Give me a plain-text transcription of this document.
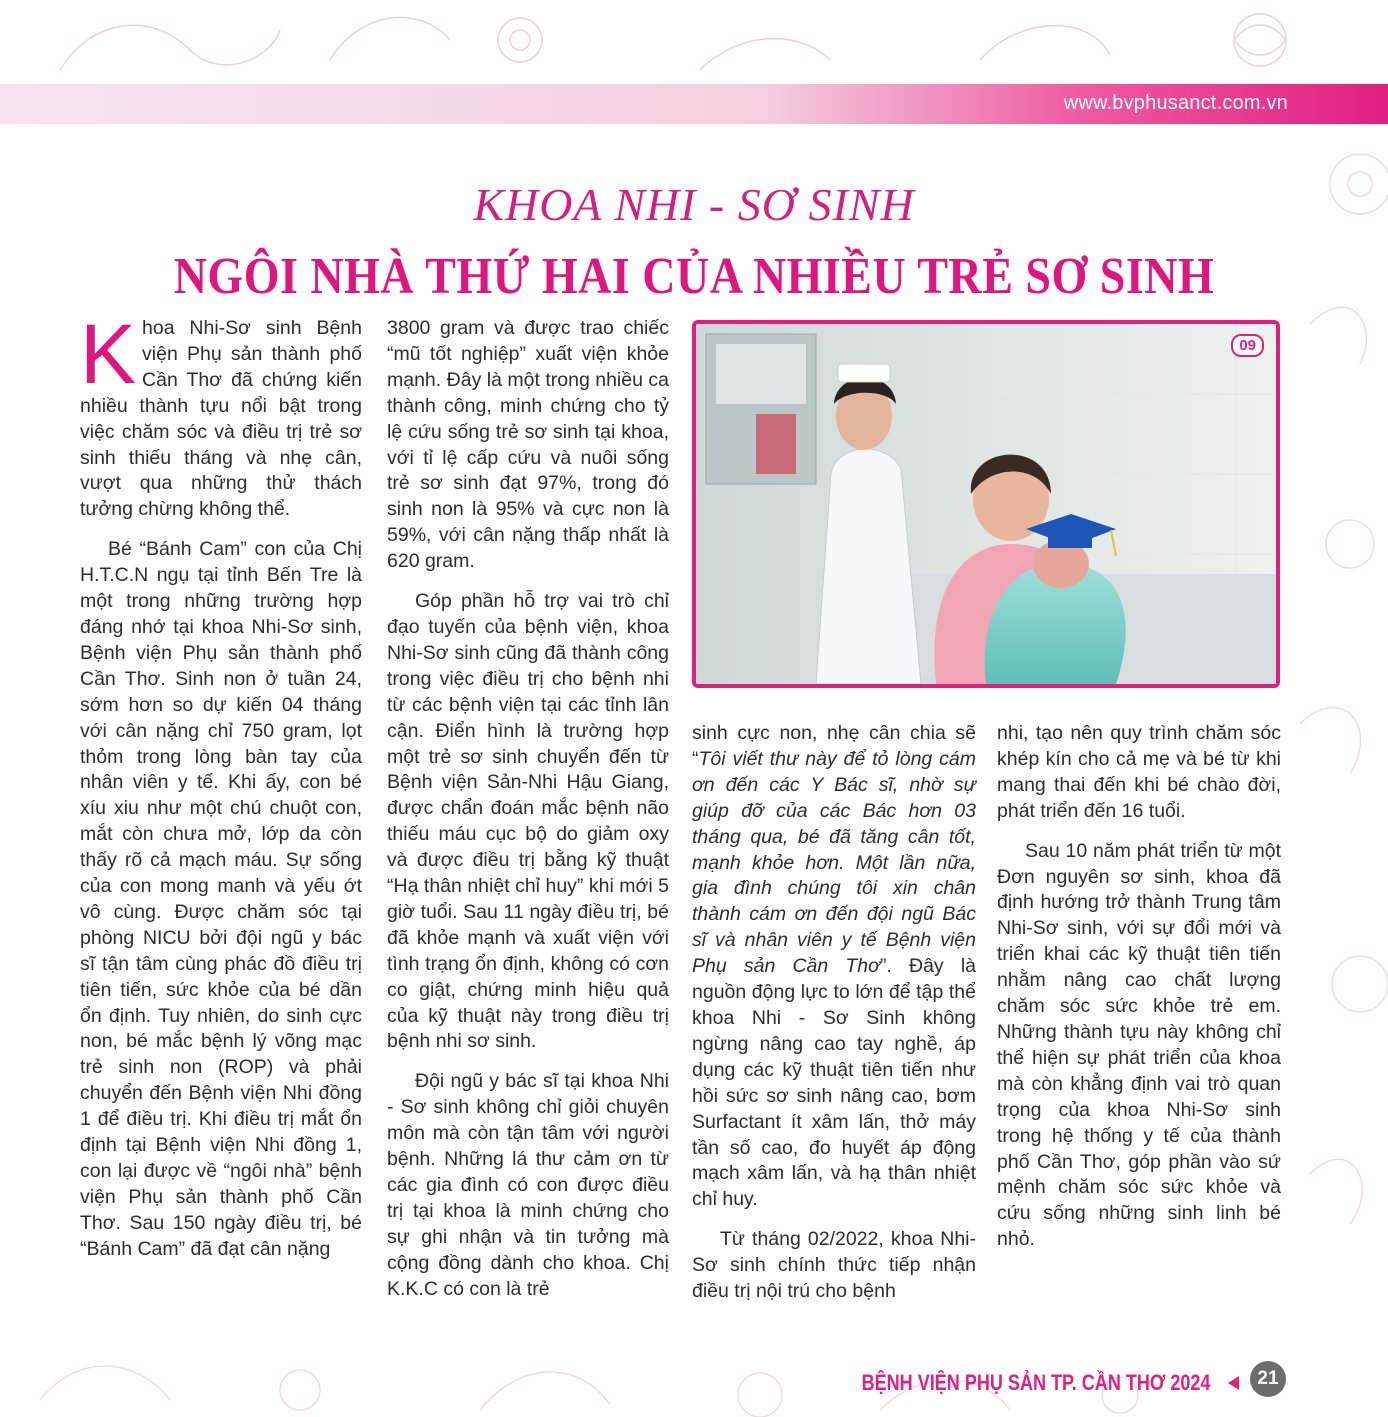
www.bvphusanct.com.vn
KHOA NHI - SƠ SINH
NGÔI NHÀ THỨ HAI CỦA NHIỀU TRẺ SƠ SINH

Khoa Nhi-Sơ sinh Bệnh viện Phụ sản thành phố Cần Thơ đã chứng kiến nhiều thành tựu nổi bật trong việc chăm sóc và điều trị trẻ sơ sinh thiếu tháng và nhẹ cân, vượt qua những thử thách tưởng chừng không thể.

Bé “Bánh Cam” con của Chị H.T.C.N ngụ tại tỉnh Bến Tre là một trong những trường hợp đáng nhớ tại khoa Nhi-Sơ sinh, Bệnh viện Phụ sản thành phố Cần Thơ. Sinh non ở tuần 24, sớm hơn so dự kiến 04 tháng với cân nặng chỉ 750 gram, lọt thỏm trong lòng bàn tay của nhân viên y tế. Khi ấy, con bé xíu xiu như một chú chuột con, mắt còn chưa mở, lớp da còn thấy rõ cả mạch máu. Sự sống của con mong manh và yếu ớt vô cùng. Được chăm sóc tại phòng NICU bởi đội ngũ y bác sĩ tận tâm cùng phác đồ điều trị tiên tiến, sức khỏe của bé dần ổn định. Tuy nhiên, do sinh cực non, bé mắc bệnh lý võng mạc trẻ sinh non (ROP) và phải chuyển đến Bệnh viện Nhi đồng 1 để điều trị. Khi điều trị mắt ổn định tại Bệnh viện Nhi đồng 1, con lại được về “ngôi nhà” bệnh viện Phụ sản thành phố Cần Thơ. Sau 150 ngày điều trị, bé “Bánh Cam” đã đạt cân nặng

3800 gram và được trao chiếc “mũ tốt nghiệp” xuất viện khỏe mạnh. Đây là một trong nhiều ca thành công, minh chứng cho tỷ lệ cứu sống trẻ sơ sinh tại khoa, với tỉ lệ cấp cứu và nuôi sống trẻ sơ sinh đạt 97%, trong đó sinh non là 95% và cực non là 59%, với cân nặng thấp nhất là 620 gram.

Góp phần hỗ trợ vai trò chỉ đạo tuyến của bệnh viện, khoa Nhi-Sơ sinh cũng đã thành công trong việc điều trị cho bệnh nhi từ các bệnh viện tại các tỉnh lân cận. Điển hình là trường hợp một trẻ sơ sinh chuyển đến từ Bệnh viện Sản-Nhi Hậu Giang, được chẩn đoán mắc bệnh não thiếu máu cục bộ do giảm oxy và được điều trị bằng kỹ thuật “Hạ thân nhiệt chỉ huy” khi mới 5 giờ tuổi. Sau 11 ngày điều trị, bé đã khỏe mạnh và xuất viện với tình trạng ổn định, không có cơn co giật, chứng minh hiệu quả của kỹ thuật này trong điều trị bệnh nhi sơ sinh.

Đội ngũ y bác sĩ tại khoa Nhi - Sơ sinh không chỉ giỏi chuyên môn mà còn tận tâm với người bệnh. Những lá thư cảm ơn từ các gia đình có con được điều trị tại khoa là minh chứng cho sự ghi nhận và tin tưởng mà cộng đồng dành cho khoa. Chị K.K.C có con là trẻ

09

sinh cực non, nhẹ cân chia sẽ “Tôi viết thư này để tỏ lòng cám ơn đến các Y Bác sĩ, nhờ sự giúp đỡ của các Bác hơn 03 tháng qua, bé đã tăng cân tốt, mạnh khỏe hơn. Một lần nữa, gia đình chúng tôi xin chân thành cám ơn đến đội ngũ Bác sĩ và nhân viên y tế Bệnh viện Phụ sản Cần Thơ”. Đây là nguồn động lực to lớn để tập thể khoa Nhi - Sơ Sinh không ngừng nâng cao tay nghề, áp dụng các kỹ thuật tiên tiến như hồi sức sơ sinh nâng cao, bơm Surfactant ít xâm lấn, thở máy tần số cao, đo huyết áp động mạch xâm lấn, và hạ thân nhiệt chỉ huy.

Từ tháng 02/2022, khoa Nhi-Sơ sinh chính thức tiếp nhận điều trị nội trú cho bệnh

nhi, tạo nên quy trình chăm sóc khép kín cho cả mẹ và bé từ khi mang thai đến khi bé chào đời, phát triển đến 16 tuổi.

Sau 10 năm phát triển từ một Đơn nguyên sơ sinh, khoa đã định hướng trở thành Trung tâm Nhi-Sơ sinh, với sự đổi mới và triển khai các kỹ thuật tiên tiến nhằm nâng cao chất lượng chăm sóc sức khỏe trẻ em. Những thành tựu này không chỉ thể hiện sự phát triển của khoa mà còn khẳng định vai trò quan trọng của khoa Nhi-Sơ sinh trong hệ thống y tế của thành phố Cần Thơ, góp phần vào sứ mệnh chăm sóc sức khỏe và cứu sống những sinh linh bé nhỏ.

BỆNH VIỆN PHỤ SẢN TP. CẦN THƠ 2024	21
